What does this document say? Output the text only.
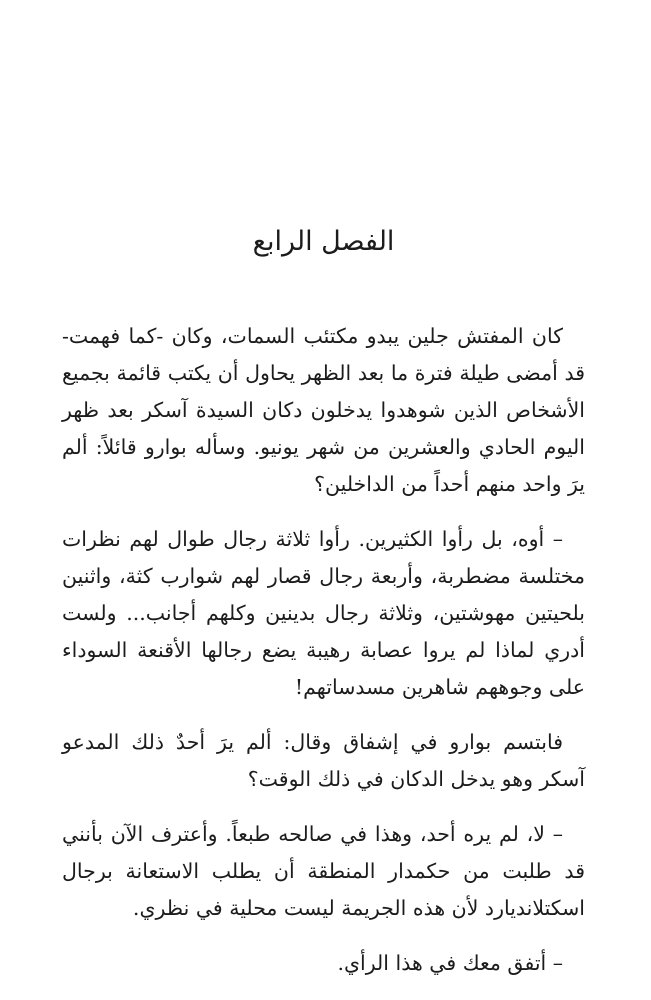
الفصل الرابع

كان المفتش جلين يبدو مكتئب السمات، وكان -كما فهمت- قد أمضى طيلة فترة ما بعد الظهر يحاول أن يكتب قائمة بجميع الأشخاص الذين شوهدوا يدخلون دكان السيدة آسكر بعد ظهر اليوم الحادي والعشرين من شهر يونيو. وسأله بوارو قائلاً: ألم يرَ واحد منهم أحداً من الداخلين؟

– أوه، بل رأوا الكثيرين. رأوا ثلاثة رجال طوال لهم نظرات مختلسة مضطربة، وأربعة رجال قصار لهم شوارب كثة، واثنين بلحيتين مهوشتين، وثلاثة رجال بدينين وكلهم أجانب... ولست أدري لماذا لم يروا عصابة رهيبة يضع رجالها الأقنعة السوداء على وجوههم شاهرين مسدساتهم!

فابتسم بوارو في إشفاق وقال: ألم يرَ أحدٌ ذلك المدعو آسكر وهو يدخل الدكان في ذلك الوقت؟

– لا، لم يره أحد، وهذا في صالحه طبعاً. وأعترف الآن بأنني قد طلبت من حكمدار المنطقة أن يطلب الاستعانة برجال اسكتلانديارد لأن هذه الجريمة ليست محلية في نظري.

– أتفق معك في هذا الرأي.
